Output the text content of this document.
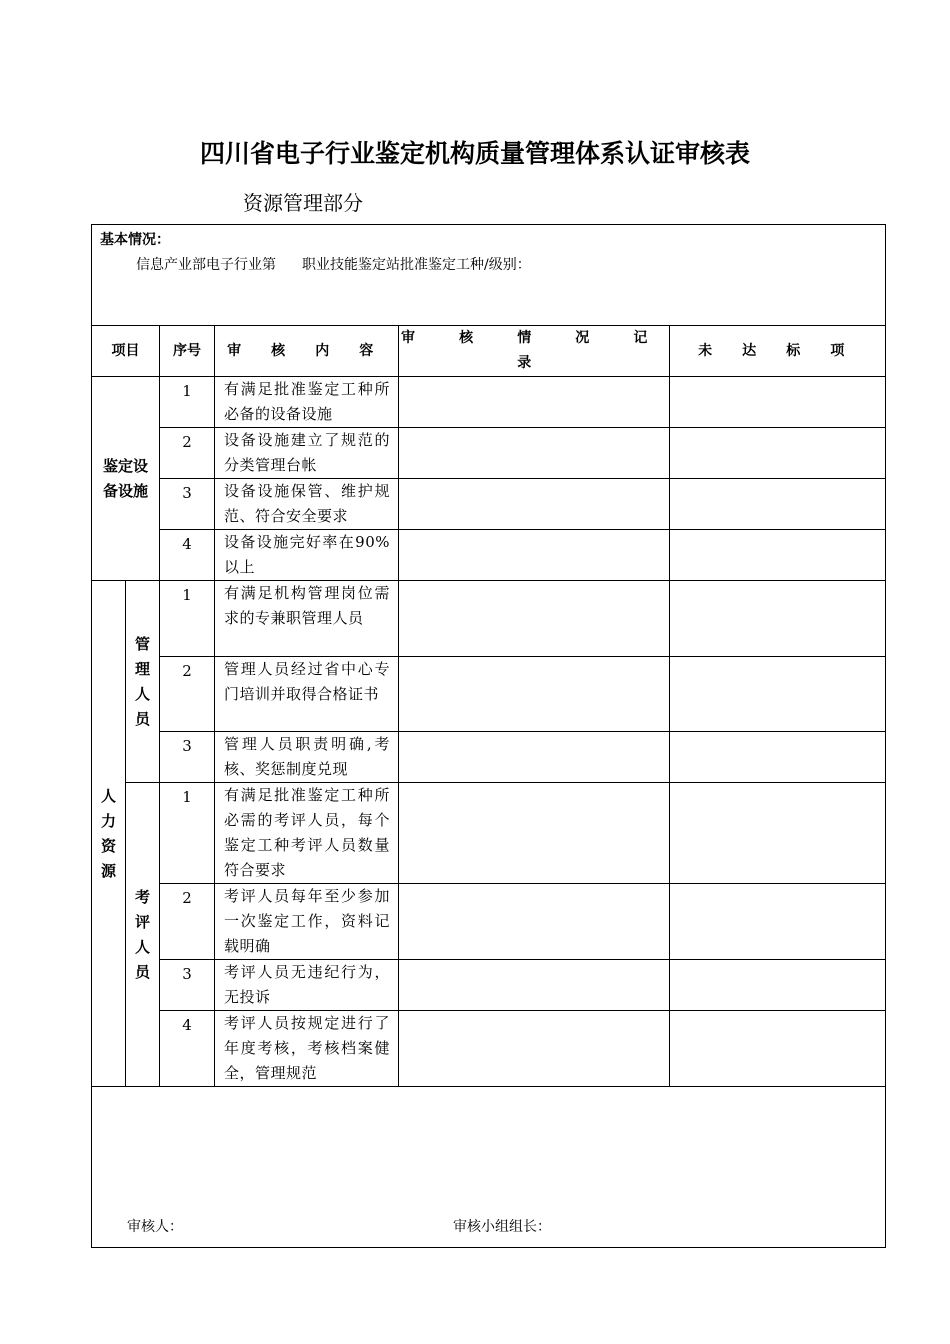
四川省电子行业鉴定机构质量管理体系认证审核表
资源管理部分
基本情况：
信息产业部电子行业第 职业技能鉴定站批准鉴定工种/级别：					

项目		序号	审 核 内 容	审 核 情 况 记 录	未 达 标 项
鉴定设备设施		1	有满足批准鉴定工种所必备的设备设施		
		2	设备设施建立了规范的分类管理台帐		
		3	设备设施保管、维护规范、符合安全要求		
		4	设备设施完好率在90%以上		
人力资源	管理人员	1	有满足机构管理岗位需求的专兼职管理人员		
		2	管理人员经过省中心专门培训并取得合格证书		
		3	管理人员职责明确,考核、奖惩制度兑现		
	考评人员	1	有满足批准鉴定工种所必需的考评人员，每个鉴定工种考评人员数量符合要求		
		2	考评人员每年至少参加一次鉴定工作，资料记载明确		
		3	考评人员无违纪行为，无投诉		
		4	考评人员按规定进行了年度考核，考核档案健全，管理规范		

审核人： 审核小组组长：					
